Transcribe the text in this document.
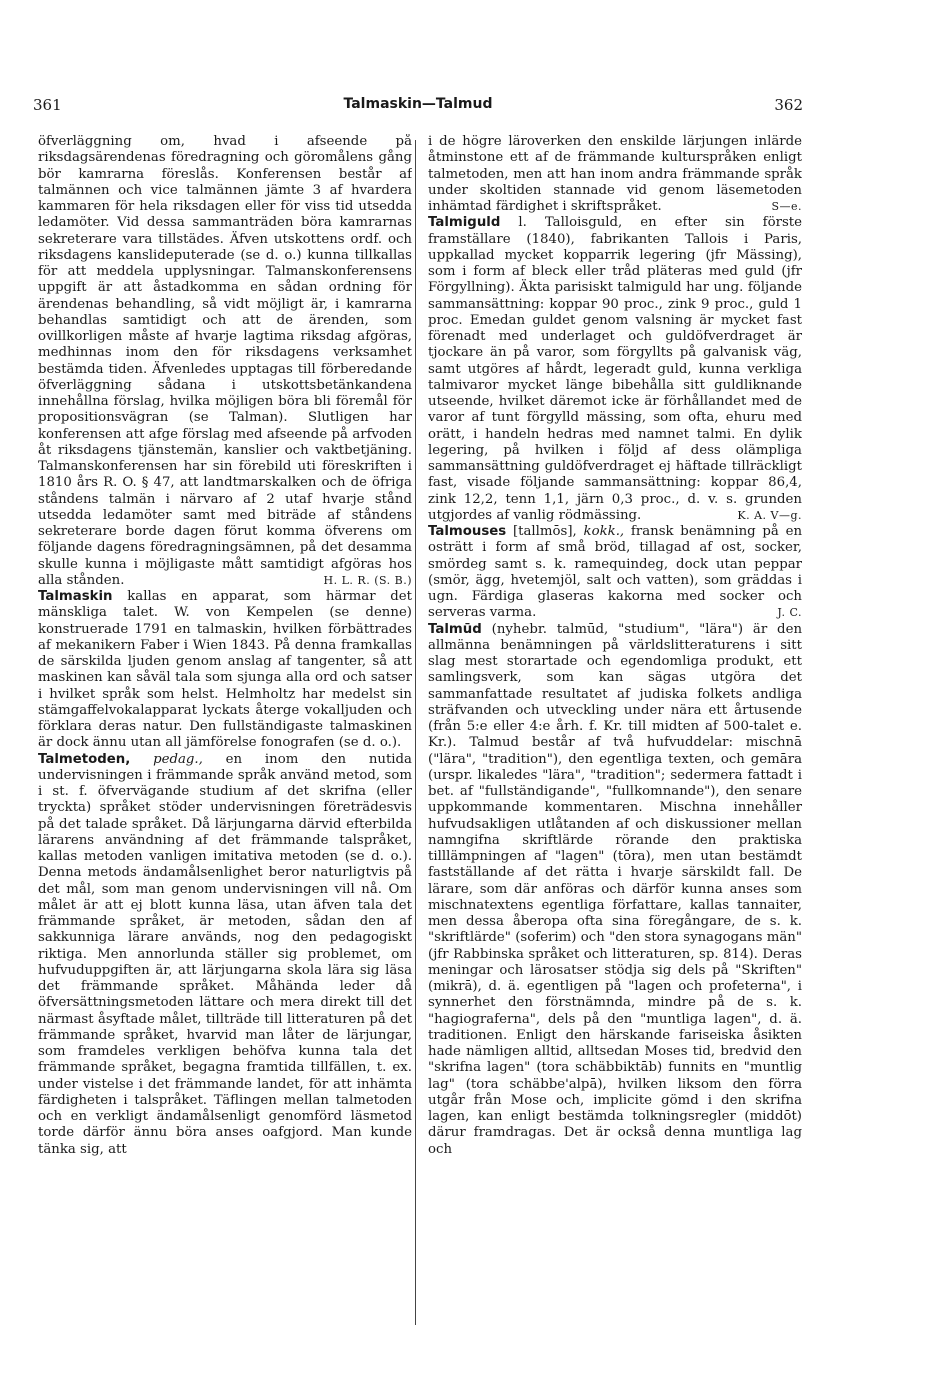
361	Talmaskin—Talmud	362

öfverläggning om, hvad i afseende på riksdagsärendenas föredragning och göromålens gång bör kamrarna föreslås. Konferensen består af talmännen och vice talmännen jämte 3 af hvardera kammaren för hela riksdagen eller för viss tid utsedda ledamöter. Vid dessa sammanträden böra kamrarnas sekreterare vara tillstädes. Äfven utskottens ordf. och riksdagens kanslideputerade (se d. o.) kunna tillkallas för att meddela upplysningar. Talmanskonferensens uppgift är att åstadkomma en sådan ordning för ärendenas behandling, så vidt möjligt är, i kamrarna behandlas samtidigt och att de ärenden, som ovillkorligen måste af hvarje lagtima riksdag afgöras, medhinnas inom den för riksdagens verksamhet bestämda tiden. Äfvenledes upptagas till förberedande öfverläggning sådana i utskottsbetänkandena innehållna förslag, hvilka möjligen böra bli föremål för propositionsvägran (se Talman). Slutligen har konferensen att afge förslag med afseende på arfvoden åt riksdagens tjänstemän, kanslier och vaktbetjäning. Talmanskonferensen har sin förebild uti föreskriften i 1810 års R. O. § 47, att landtmarskalken och de öfriga ståndens talmän i närvaro af 2 utaf hvarje stånd utsedda ledamöter samt med biträde af ståndens sekreterare borde dagen förut komma öfverens om följande dagens föredragningsämnen, på det desamma skulle kunna i möjligaste mått samtidigt afgöras hos alla stånden.	H. L. R. (S. B.)

Talmaskin kallas en apparat, som härmar det mänskliga talet. W. von Kempelen (se denne) konstruerade 1791 en talmaskin, hvilken förbättrades af mekanikern Faber i Wien 1843. På denna framkallas de särskilda ljuden genom anslag af tangenter, så att maskinen kan såväl tala som sjunga alla ord och satser i hvilket språk som helst. Helmholtz har medelst sin stämgaffelvokalapparat lyckats återge vokalljuden och förklara deras natur. Den fullständigaste talmaskinen är dock ännu utan all jämförelse fonografen (se d. o.).

Talmetoden, pedag., en inom den nutida undervisningen i främmande språk använd metod, som i st. f. öfvervägande studium af det skrifna (eller tryckta) språket stöder undervisningen företrädesvis på det talade språket. Då lärjungarna därvid efterbilda lärarens användning af det främmande talspråket, kallas metoden vanligen imitativa metoden (se d. o.). Denna metods ändamålsenlighet beror naturligtvis på det mål, som man genom undervisningen vill nå. Om målet är att ej blott kunna läsa, utan äfven tala det främmande språket, är metoden, sådan den af sakkunniga lärare används, nog den pedagogiskt riktiga. Men annorlunda ställer sig problemet, om hufvuduppgiften är, att lärjungarna skola lära sig läsa det främmande språket. Måhända leder då öfversättningsmetoden lättare och mera direkt till det närmast åsyftade målet, tillträde till litteraturen på det främmande språket, hvarvid man låter de lärjungar, som framdeles verkligen behöfva kunna tala det främmande språket, begagna framtida tillfällen, t. ex. under vistelse i det främmande landet, för att inhämta färdigheten i talspråket. Täflingen mellan talmetoden och en verkligt ändamålsenligt genomförd läsmetod torde därför ännu böra anses oafgjord. Man kunde tänka sig, att

i de högre läroverken den enskilde lärjungen inlärde åtminstone ett af de främmande kulturspråken enligt talmetoden, men att han inom andra främmande språk under skoltiden stannade vid genom läsemetoden inhämtad färdighet i skriftspråket.	S—e.

Talmiguld l. Talloisguld, en efter sin förste framställare (1840), fabrikanten Tallois i Paris, uppkallad mycket kopparrik legering (jfr Mässing), som i form af bleck eller tråd pläteras med guld (jfr Förgyllning). Äkta parisiskt talmiguld har ung. följande sammansättning: koppar 90 proc., zink 9 proc., guld 1 proc. Emedan guldet genom valsning är mycket fast förenadt med underlaget och guldöfverdraget är tjockare än på varor, som förgyllts på galvanisk väg, samt utgöres af hårdt, legeradt guld, kunna verkliga talmivaror mycket länge bibehålla sitt guldliknande utseende, hvilket däremot icke är förhållandet med de varor af tunt förgylld mässing, som ofta, ehuru med orätt, i handeln hedras med namnet talmi. En dylik legering, på hvilken i följd af dess olämpliga sammansättning guldöfverdraget ej häftade tillräckligt fast, visade följande sammansättning: koppar 86,4, zink 12,2, tenn 1,1, järn 0,3 proc., d. v. s. grunden utgjordes af vanlig rödmässing.	K. A. V—g.

Talmouses [tallmōs], kokk., fransk benämning på en osträtt i form af små bröd, tillagad af ost, socker, smördeg samt s. k. ramequindeg, dock utan peppar (smör, ägg, hvetemjöl, salt och vatten), som gräddas i ugn. Färdiga glaseras kakorna med socker och serveras varma.	J. C.

Talmūd (nyhebr. talmūd, "studium", "lära") är den allmänna benämningen på världslitteraturens i sitt slag mest storartade och egendomliga produkt, ett samlingsverk, som kan sägas utgöra det sammanfattade resultatet af judiska folkets andliga sträfvanden och utveckling under nära ett årtusende (från 5:e eller 4:e årh. f. Kr. till midten af 500-talet e. Kr.). Talmud består af två hufvuddelar: mischnā ("lära", "tradition"), den egentliga texten, och gemāra (urspr. likaledes "lära", "tradition"; sedermera fattadt i bet. af "fullständigande", "fullkomnande"), den senare uppkommande kommentaren. Mischna innehåller hufvudsakligen utlåtanden af och diskussioner mellan namngifna skriftlärde rörande den praktiska tilllämpningen af "lagen" (tōra), men utan bestämdt fastställande af det rätta i hvarje särskildt fall. De lärare, som där anföras och därför kunna anses som mischnatextens egentliga författare, kallas tannaiter, men dessa åberopa ofta sina föregångare, de s. k. "skriftlärde" (soferim) och "den stora synagogans män" (jfr Rabbinska språket och litteraturen, sp. 814). Deras meningar och lärosatser stödja sig dels på "Skriften" (mikrā), d. ä. egentligen på "lagen och profeterna", i synnerhet den förstnämnda, mindre på de s. k. "hagiograferna", dels på den "muntliga lagen", d. ä. traditionen. Enligt den härskande fariseiska åsikten hade nämligen alltid, alltsedan Moses tid, bredvid den "skrifna lagen" (tora schäbbiktāb) funnits en "muntlig lag" (tora schäbbe'alpā), hvilken liksom den förra utgår från Mose och, implicite gömd i den skrifna lagen, kan enligt bestämda tolkningsregler (middōt) därur framdragas. Det är också denna muntliga lag och
